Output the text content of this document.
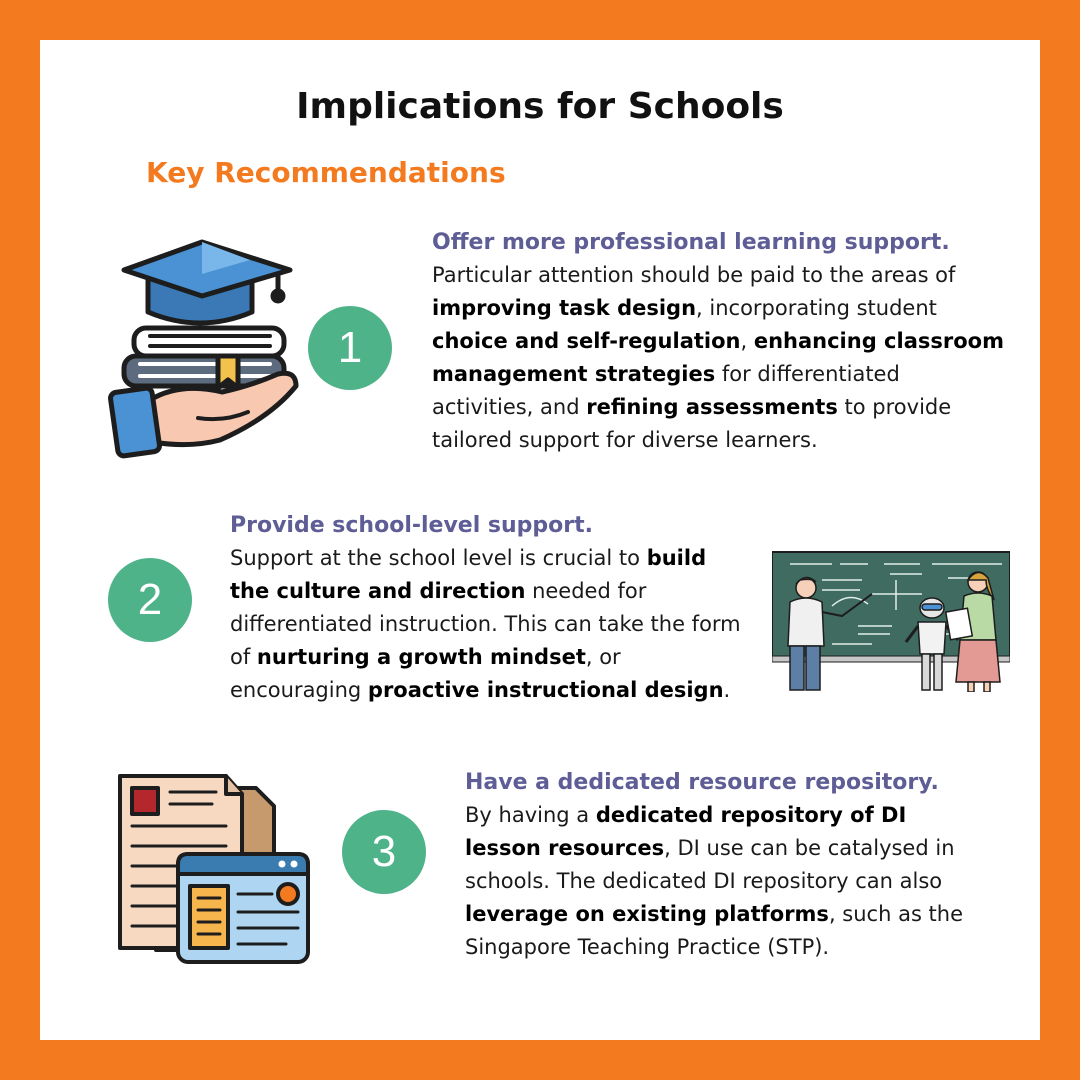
Implications for Schools
Key Recommendations
1
Offer more professional learning support.

Particular attention should be paid to the areas of

improving task design, incorporating student

choice and self-regulation, enhancing classroom

management strategies for differentiated

activities, and refining assessments to provide

tailored support for diverse learners.

Provide school-level support.

Support at the school level is crucial to build

the culture and direction needed for

differentiated instruction. This can take the form

of nurturing a growth mindset, or

encouraging proactive instructional design.

2
3
Have a dedicated resource repository.

By having a dedicated repository of DI

lesson resources, DI use can be catalysed in

schools. The dedicated DI repository can also

leverage on existing platforms, such as the

Singapore Teaching Practice (STP).
